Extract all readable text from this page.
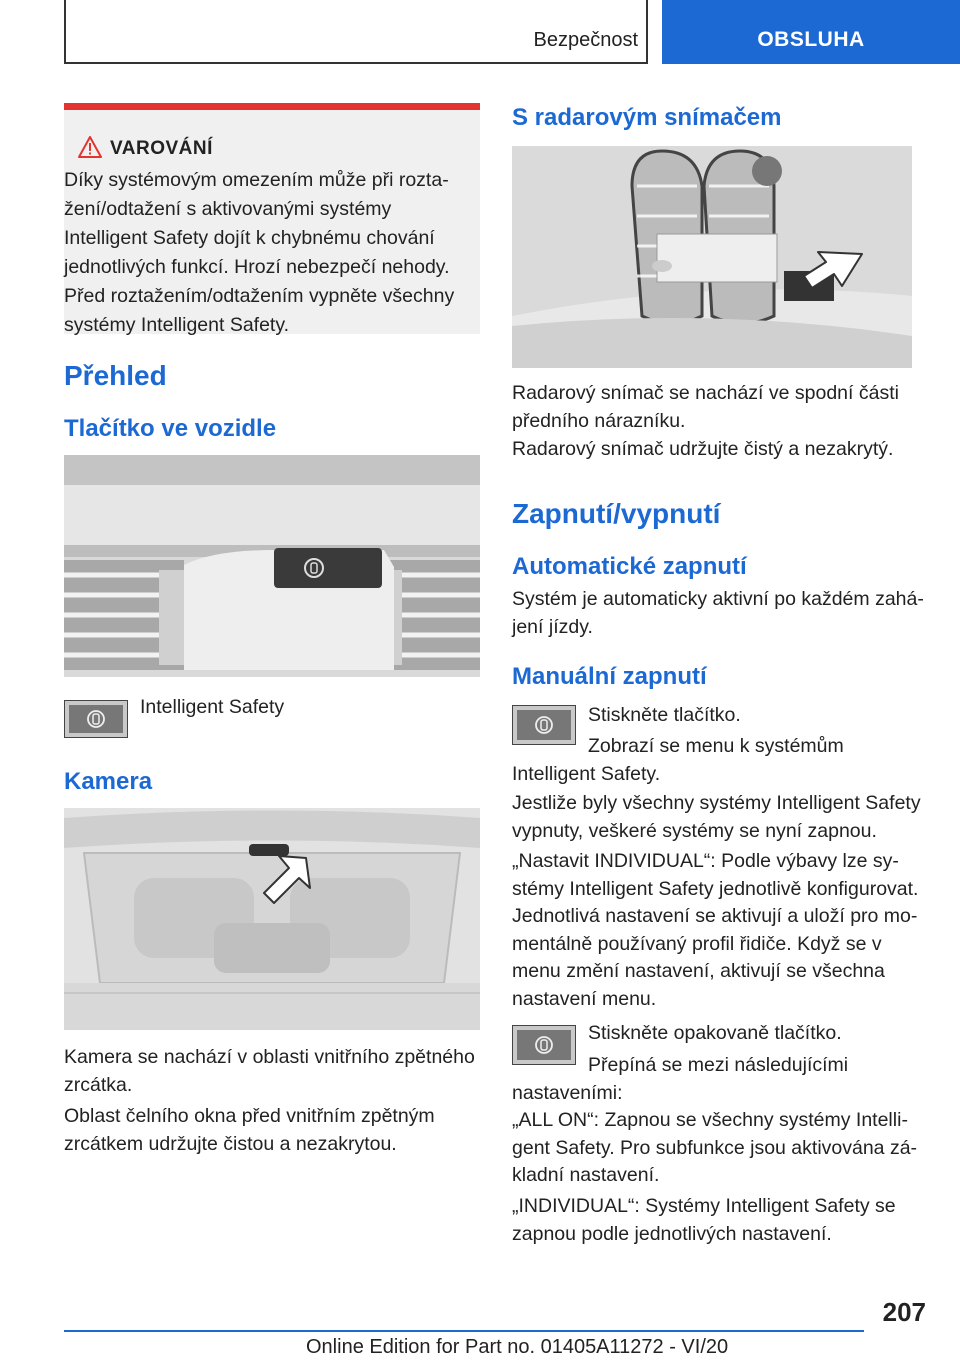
Bezpečnost	OBSLUHA
VAROVÁNÍ
Díky systémovým omezením může při roztažení/odtažení s aktivovanými systémy Intelligent Safety dojít k chybnému chování jednotlivých funkcí. Hrozí nebezpečí nehody. Před roztažením/odtažením vypněte všechny systémy Intelligent Safety.
Přehled
Tlačítko ve vozidle

Intelligent Safety

Kamera

Kamera se nachází v oblasti vnitřního zpětného zrcátka.

Oblast čelního okna před vnitřním zpětným zrcátkem udržujte čistou a nezakrytou.

S radarovým snímačem

Radarový snímač se nachází ve spodní části předního nárazníku.

Radarový snímač udržujte čistý a nezakrytý.

Zapnutí/vypnutí
Automatické zapnutí

Systém je automaticky aktivní po každém zahájení jízdy.

Manuální zapnutí

Stiskněte tlačítko.

Zobrazí se menu k systémům Intelligent Safety.

Jestliže byly všechny systémy Intelligent Safety vypnuty, veškeré systémy se nyní zapnou.

„Nastavit INDIVIDUAL“: Podle výbavy lze systémy Intelligent Safety jednotlivě konfigurovat. Jednotlivá nastavení se aktivují a uloží pro momentálně používaný profil řidiče. Když se v menu změní nastavení, aktivují se všechna nastavení menu.

Stiskněte opakovaně tlačítko.

Přepíná se mezi následujícími nastaveními:

„ALL ON“: Zapnou se všechny systémy Intelligent Safety. Pro subfunkce jsou aktivována základní nastavení.

„INDIVIDUAL“: Systémy Intelligent Safety se zapnou podle jednotlivých nastavení.

207
Online Edition for Part no. 01405A11272 - VI/20
